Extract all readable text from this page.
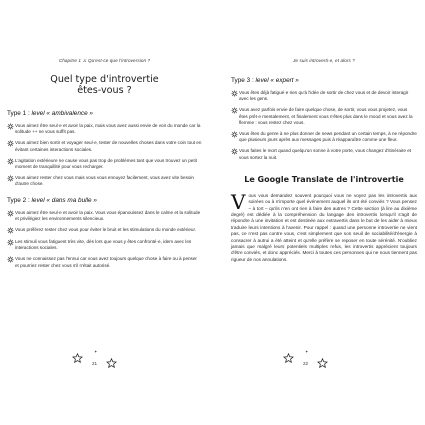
Chapitre 1 ⚔ Qu'est-ce que l'introversion ?
Quel type d'introvertie
êtes-vous ?
Type 1 : level « ambivalence »
Vous aimez être seul·e et avoir la paix, mais vous avez aussi envie de voir du monde car la solitude ++ ne vous suffit pas.
Vous aimez bien sortir et voyager seul·e, tester de nouvelles choses dans votre coin tout en évitant certaines interactions sociales.
L'agitation extérieure ne cause vous pas trop de problèmes tant que vous trouvez un petit moment de tranquillité pour vous recharger.
Vous aimez rester chez vous mais vous vous ennuyez facilement, vous avez vite besoin d'autre chose.
Type 2 : level « dans ma bulle »
Vous aimez être seul·e et avoir la paix. Vous vous épanouissez dans le calme et la solitude et privilégiez les environnements silencieux.
Vous préférez rester chez vous pour éviter le bruit et les stimulations du monde extérieur.
Les stimuli vous fatiguent très vite, dès lors que vous y êtes confronté·e, idem avec les interactions sociales.
Vous ne connaissez pas l'ennui car vous avez toujours quelque chose à faire ou à penser et pourriez rester chez vous s'il n'était autorisé.
✦
21
Je suis introverti·e, et alors ?
Type 3 : level « expert »
Vous êtes déjà fatigué·e rien qu'à l'idée de sortir de chez vous et de devoir interagir avec les gens.
Vous avez parfois envie de faire quelque chose, de sortir, vous vous projetez, vous êtes prêt·e mentalement, et finalement vous n'êtes plus dans le mood et vous avez la flemme : vous restez chez vous.
Vous êtes du genre à ne plus donner de news pendant un certain temps, à ne répondre que plusieurs jours après aux messages puis à réapparaître comme une fleur.
Vous faites le mort quand quelqu'un sonne à votre porte, vous changez d'itinéraire et vous sortez la nuit.
Le Google Translate de l'introvertie

Vous vous demandez souvent pourquoi vous ne voyez pas les introvertis aux soirées ou à n'importe quel événement auquel ils ont été conviés ? Vous pensez – à tort – qu'ils n'en ont rien à faire des autres ? Cette section (à lire au dixième degré) est dédiée à la compréhension du langage des introvertis lorsqu'il s'agit de répondre à une invitation et est destinée aux extravertis dans le but de les aider à mieux traduire leurs intentions à l'avenir. Pour rappel : quand une personne introvertie ne vient pas, ce n'est pas contre vous, c'est simplement que son seuil de sociabilité/d'énergie à consacrer à autrui a été atteint et qu'elle préfère se reposer en toute sérénité. N'oubliez jamais que malgré leurs potentiels multiples refus, les introvertis apprécient toujours d'être conviés, et donc appréciés. Merci à toutes ces personnes qui ne nous tiennent pas rigueur de nos annulations.

✦
22
